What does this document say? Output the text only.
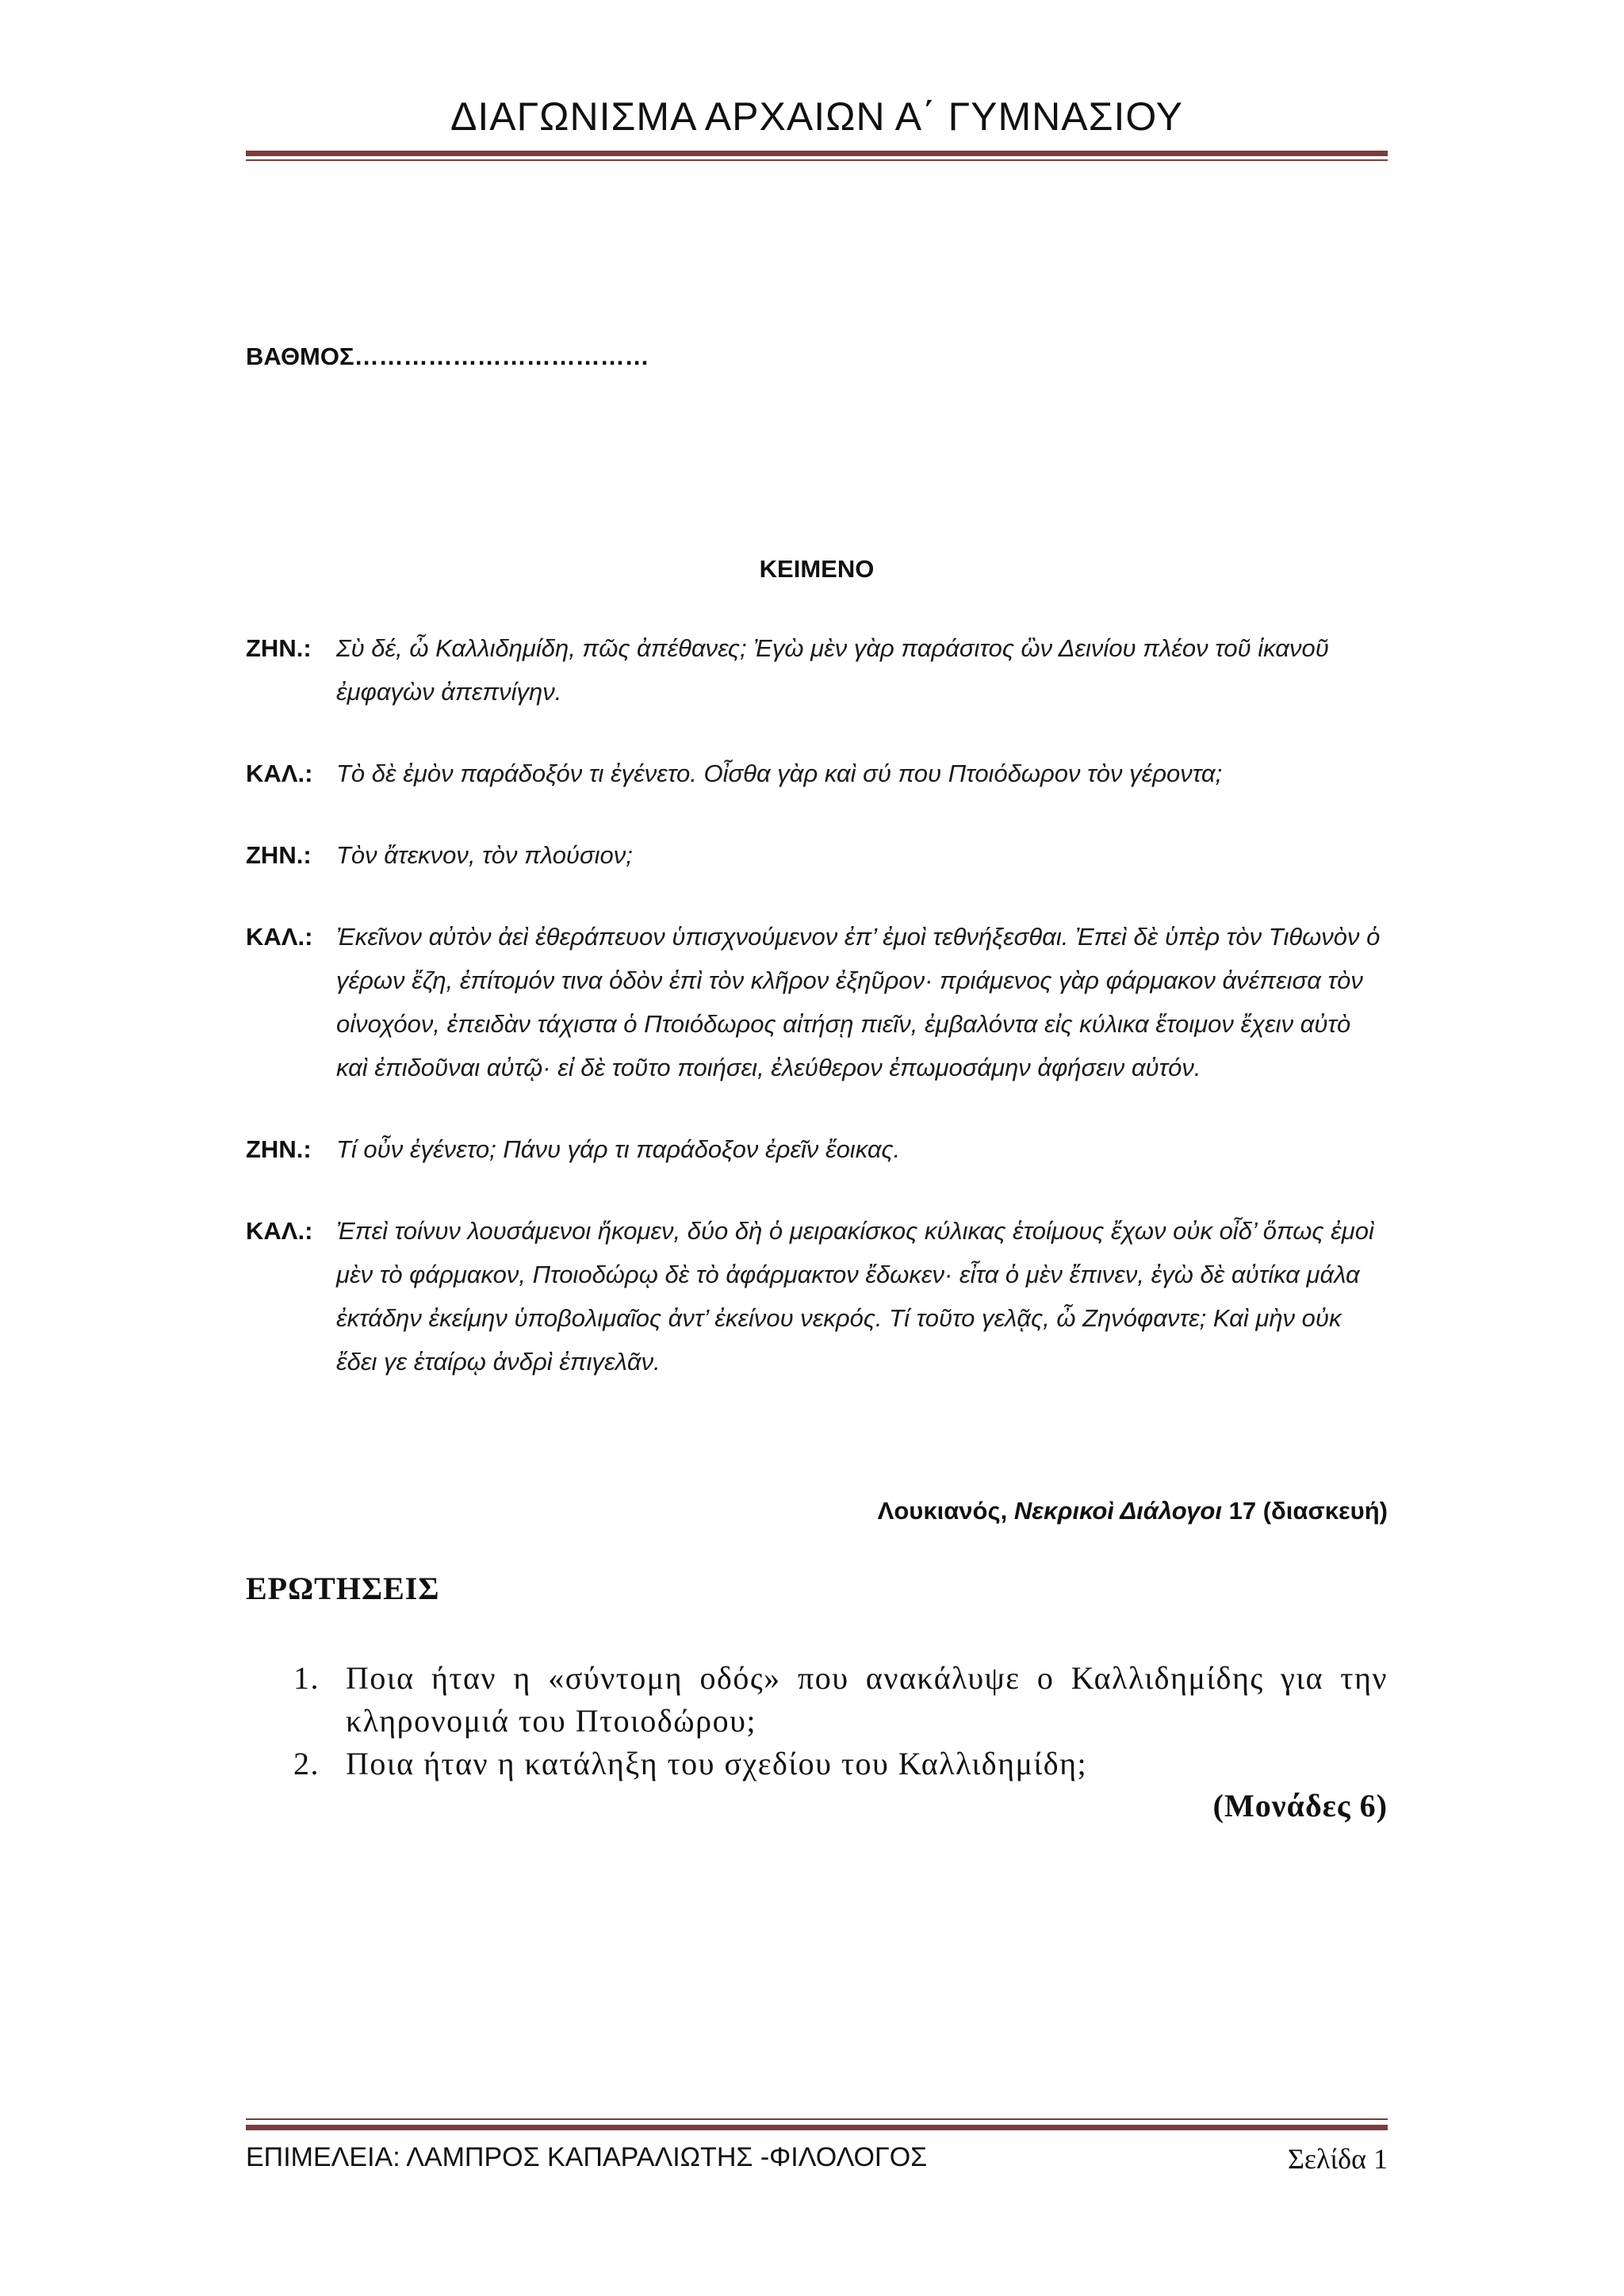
ΔΙΑΓΩΝΙΣΜΑ ΑΡΧΑΙΩΝ Α΄ ΓΥΜΝΑΣΙΟΥ
ΒΑΘΜΟΣ………………………………
ΚΕΙΜΕΝΟ
ΖΗΝ.:	Σὺ δέ, ὦ Καλλιδημίδη, πῶς ἀπέθανες; Ἐγὼ μὲν γὰρ παράσιτος ὢν Δεινίου πλέον τοῦ ἱκανοῦ ἐμφαγὼν ἀπεπνίγην.
ΚΑΛ.: Τὸ δὲ ἐμὸν παράδοξόν τι ἐγένετο. Οἶσθα γὰρ καὶ σύ που Πτοιόδωρον τὸν γέροντα;
ΖΗΝ.:	Τὸν ἄτεκνον, τὸν πλούσιον;
ΚΑΛ.: Ἐκεῖνον αὐτὸν ἀεὶ ἐθεράπευον ὑπισχνούμενον ἐπ’ ἐμοὶ τεθνήξεσθαι. Ἐπεὶ δὲ ὑπὲρ τὸν Τιθωνὸν ὁ γέρων ἔζη, ἐπίτομόν τινα ὁδὸν ἐπὶ τὸν κλῆρον ἐξηῦρον· πριάμενος γὰρ φάρμακον ἀνέπεισα τὸν οἰνοχόον, ἐπειδὰν τάχιστα ὁ Πτοιόδωρος αἰτήσῃ πιεῖν, ἐμβαλόντα εἰς κύλικα ἕτοιμον ἔχειν αὐτὸ καὶ ἐπιδοῦναι αὐτῷ· εἰ δὲ τοῦτο ποιήσει, ἐλεύθερον ἐπωμοσάμην ἀφήσειν αὐτόν.
ΖΗΝ.:	Τί οὖν ἐγένετο; Πάνυ γάρ τι παράδοξον ἐρεῖν ἔοικας.
ΚΑΛ.: Ἐπεὶ τοίνυν λουσάμενοι ἥκομεν, δύο δὴ ὁ μειρακίσκος κύλικας ἑτοίμους ἔχων οὐκ οἶδ’ ὅπως ἐμοὶ μὲν τὸ φάρμακον, Πτοιοδώρῳ δὲ τὸ ἀφάρμακτον ἔδωκεν· εἶτα ὁ μὲν ἔπινεν, ἐγὼ δὲ αὐτίκα μάλα ἐκτάδην ἐκείμην ὑποβολιμαῖος ἀντ’ ἐκείνου νεκρός. Τί τοῦτο γελᾷς, ὦ Ζηνόφαντε; Καὶ μὴν οὐκ ἔδει γε ἑταίρῳ ἀνδρὶ ἐπιγελᾶν.
Λουκιανός, Νεκρικοὶ Διάλογοι 17 (διασκευή)
ΕΡΩΤΗΣΕΙΣ
1. Ποια ήταν η «σύντομη οδός» που ανακάλυψε ο Καλλιδημίδης για την κληρονομιά του Πτοιοδώρου;
2. Ποια ήταν η κατάληξη του σχεδίου του Καλλιδημίδη;
(Μονάδες 6)
ΕΠΙΜΕΛΕΙΑ: ΛΑΜΠΡΟΣ ΚΑΠΑΡΑΛΙΩΤΗΣ -ΦΙΛΟΛΟΓΟΣ	Σελίδα 1
